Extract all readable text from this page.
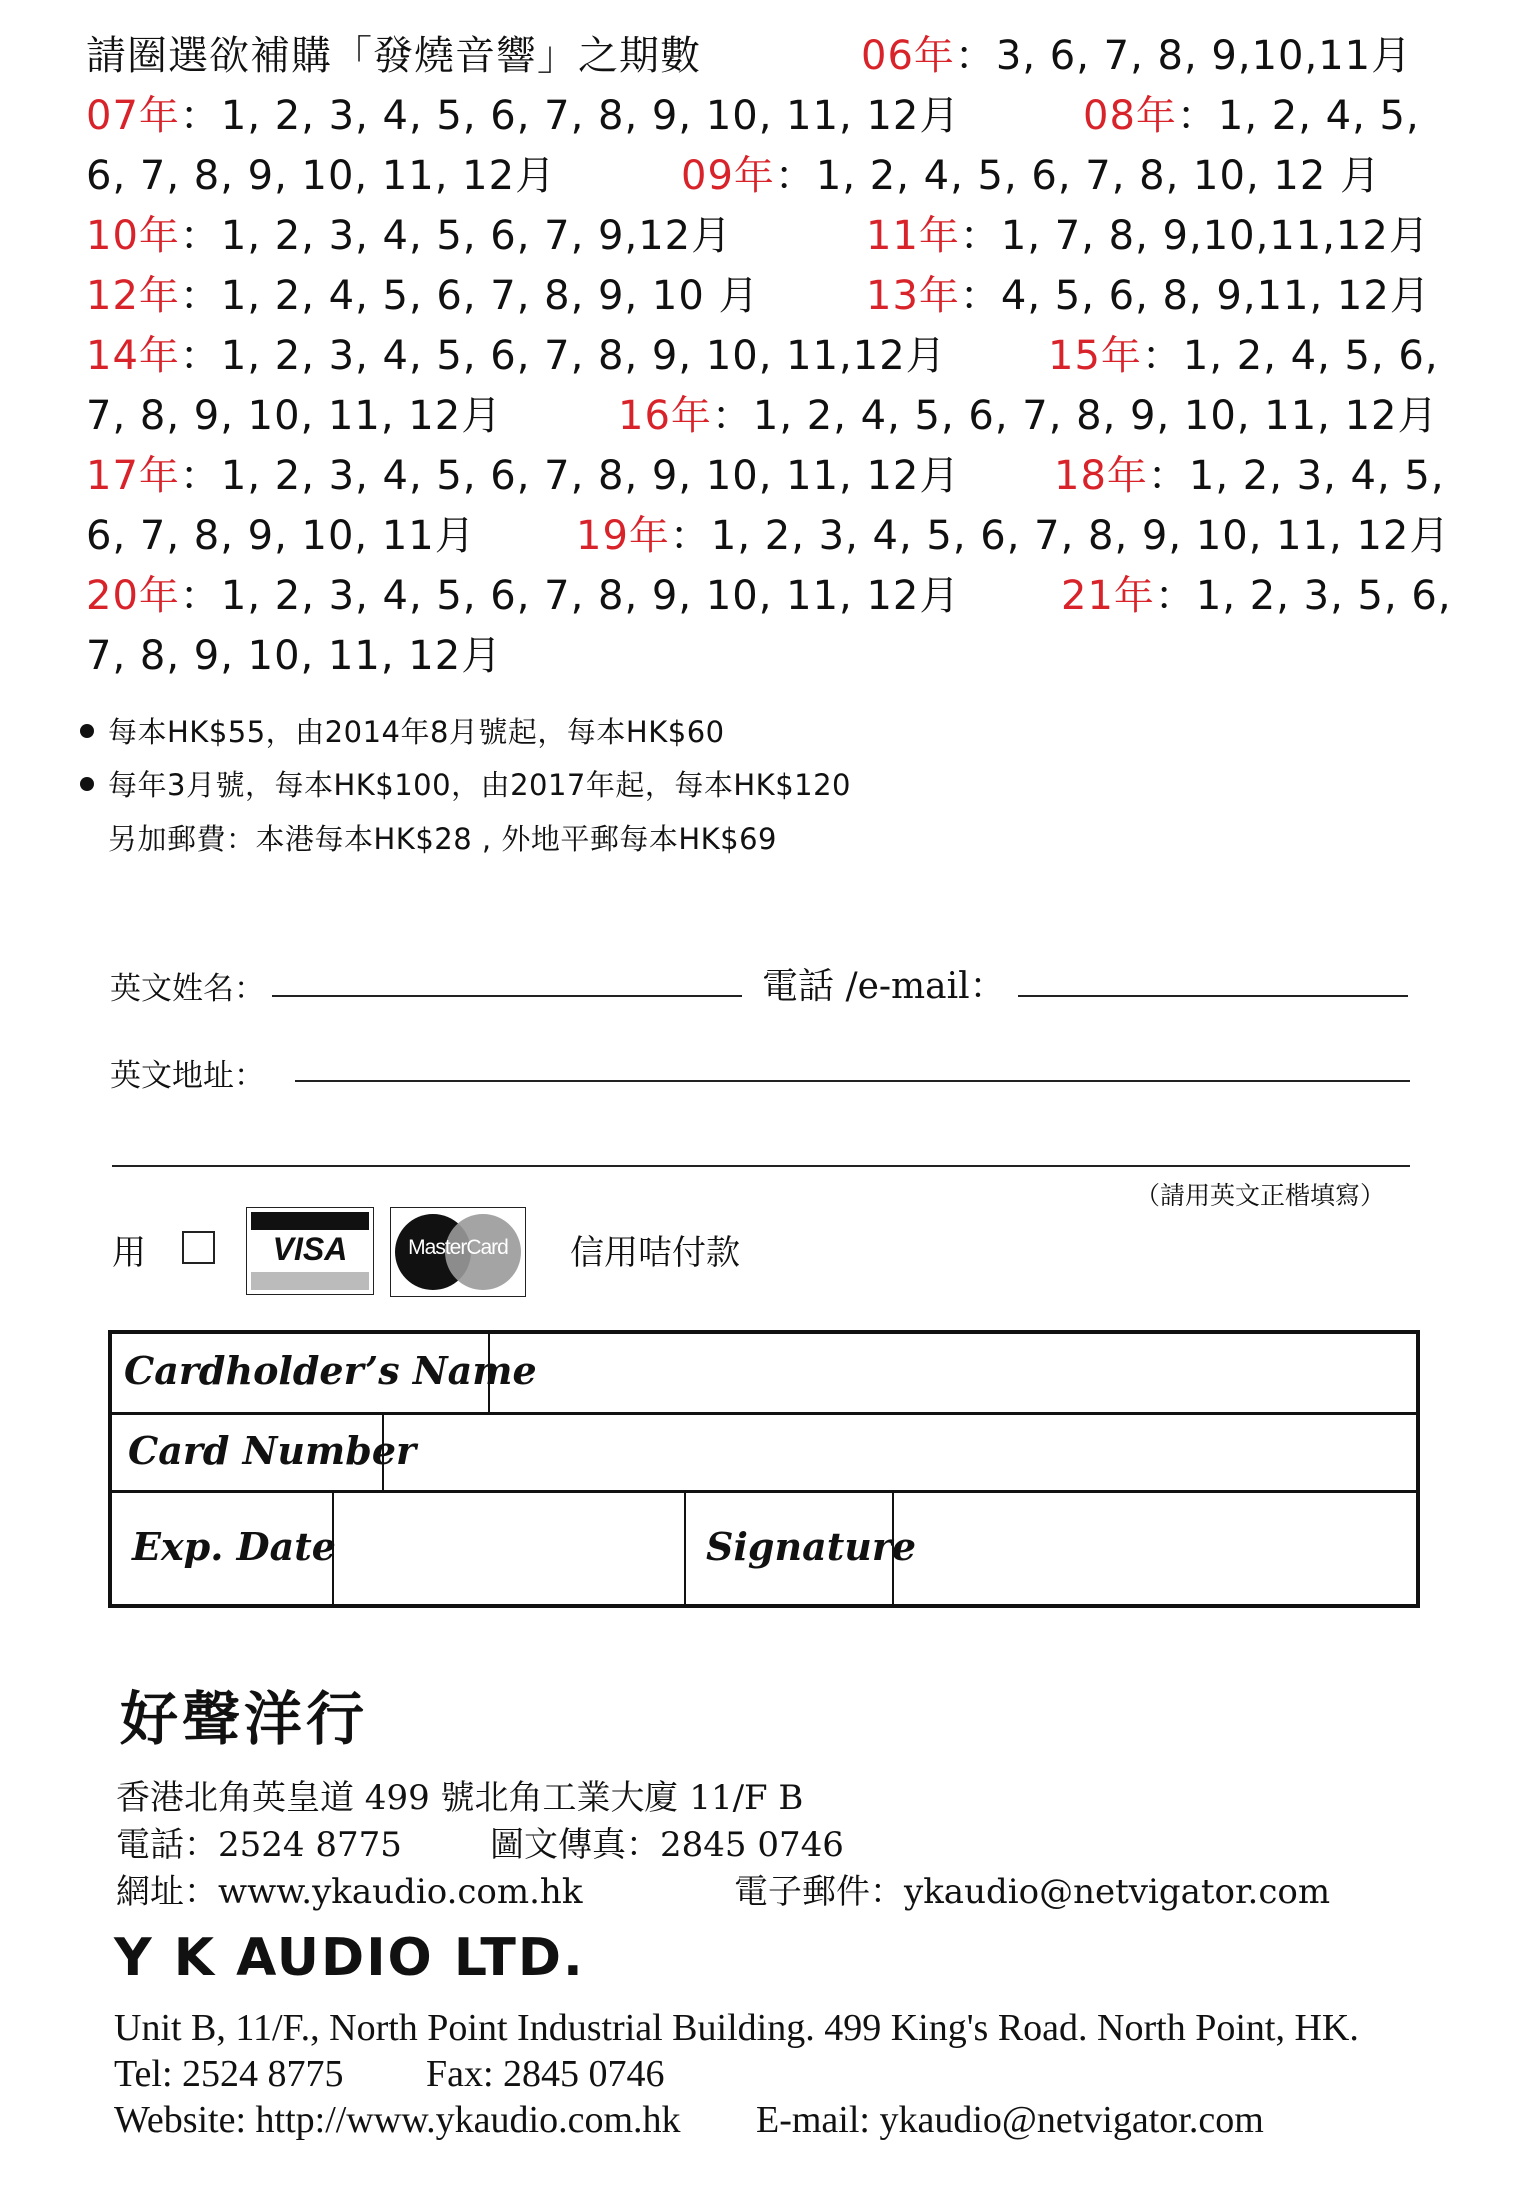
請圈選欲補購「發燒音響」之期數	06年：3, 6, 7, 8, 9,10,11月
07年：1, 2, 3, 4, 5, 6, 7, 8, 9, 10, 11, 12月	08年：1, 2, 4, 5,
6, 7, 8, 9, 10, 11, 12月	09年：1, 2, 4, 5, 6, 7, 8, 10, 12 月
10年：1, 2, 3, 4, 5, 6, 7, 9,12月	11年：1, 7, 8, 9,10,11,12月
12年：1, 2, 4, 5, 6, 7, 8, 9, 10 月	13年：4, 5, 6, 8, 9,11, 12月
14年：1, 2, 3, 4, 5, 6, 7, 8, 9, 10, 11,12月	15年：1, 2, 4, 5, 6,
7, 8, 9, 10, 11, 12月	16年：1, 2, 4, 5, 6, 7, 8, 9, 10, 11, 12月
17年：1, 2, 3, 4, 5, 6, 7, 8, 9, 10, 11, 12月 18年：1, 2, 3, 4, 5,
6, 7, 8, 9, 10, 11月	19年：1, 2, 3, 4, 5, 6, 7, 8, 9, 10, 11, 12月
20年：1, 2, 3, 4, 5, 6, 7, 8, 9, 10, 11, 12月	21年：1, 2, 3, 5, 6,
7, 8, 9, 10, 11, 12月
每本HK$55，由2014年8月號起，每本HK$60
每年3月號，每本HK$100，由2017年起，每本HK$120
另加郵費：本港每本HK$28 , 外地平郵每本HK$69
英文姓名：	電話 /e-mail：
英文地址：
（請用英文正楷填寫）
用	VISA	MasterCard	信用咭付款
Cardholder’s Name
Card Number
Exp. Date	Signature
好聲洋行
香港北角英皇道 499 號北角工業大廈 11/F B
電話：2524 8775	圖文傳真：2845 0746
網址：www.ykaudio.com.hk	電子郵件：ykaudio@netvigator.com
Y K AUDIO LTD.
Unit B, 11/F., North Point Industrial Building. 499 King's Road. North Point, HK.
Tel: 2524 8775 Fax: 2845 0746
Website: http://www.ykaudio.com.hk E-mail: ykaudio@netvigator.com
